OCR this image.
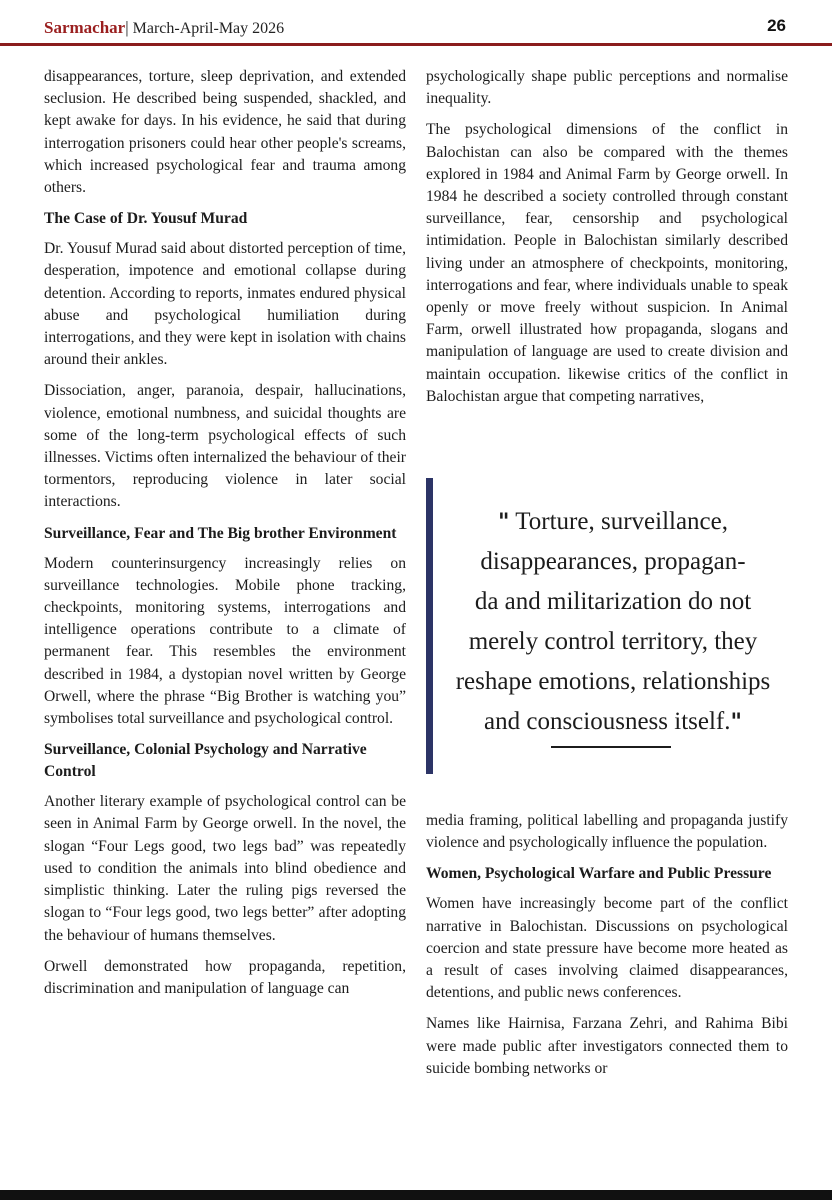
Sarmachar| March-April-May 2026	26

disappearances, torture, sleep deprivation, and extended seclusion. He described being suspended, shackled, and kept awake for days. In his evidence, he said that during interrogation prisoners could hear other people's screams, which increased psychological fear and trauma among others.

The Case of Dr. Yousuf Murad

Dr. Yousuf Murad said about distorted perception of time, desperation, impotence and emotional collapse during detention. According to reports, inmates endured physical abuse and psychological humiliation during interrogations, and they were kept in isolation with chains around their ankles.

Dissociation, anger, paranoia, despair, hallucinations, violence, emotional numbness, and suicidal thoughts are some of the long-term psychological effects of such illnesses. Victims often internalized the behaviour of their tormentors, reproducing violence in later social interactions.

Surveillance, Fear and The Big brother Environment

Modern counterinsurgency increasingly relies on surveillance technologies. Mobile phone tracking, checkpoints, monitoring systems, interrogations and intelligence operations contribute to a climate of permanent fear. This resembles the environment described in 1984, a dystopian novel written by George Orwell, where the phrase “Big Brother is watching you” symbolises total surveillance and psychological control.

Surveillance, Colonial Psychology and Narrative Control

Another literary example of psychological control can be seen in Animal Farm by George orwell. In the novel, the slogan “Four Legs good, two legs bad” was repeatedly used to condition the animals into blind obedience and simplistic thinking. Later the ruling pigs reversed the slogan to “Four legs good, two legs better” after adopting the behaviour of humans themselves.

Orwell demonstrated how propaganda, repetition, discrimination and manipulation of language can

psychologically shape public perceptions and normalise inequality.

The psychological dimensions of the conflict in Balochistan can also be compared with the themes explored in 1984 and Animal Farm by George orwell. In 1984 he described a society controlled through constant surveillance, fear, censorship and psychological intimidation. People in Balochistan similarly described living under an atmosphere of checkpoints, monitoring, interrogations and fear, where individuals unable to speak openly or move freely without suspicion. In Animal Farm, orwell illustrated how propaganda, slogans and manipulation of language are used to create division and maintain occupation. likewise critics of the conflict in Balochistan argue that competing narratives,

" Torture, surveillance,
disappearances, propagan-
da and militarization do not
merely control territory, they
reshape emotions, relationships
and consciousness itself."

media framing, political labelling and propaganda justify violence and psychologically influence the population.

Women, Psychological Warfare and Public Pressure

Women have increasingly become part of the conflict narrative in Balochistan. Discussions on psychological coercion and state pressure have become more heated as a result of cases involving claimed disappearances, detentions, and public news conferences.

Names like Hairnisa, Farzana Zehri, and Rahima Bibi were made public after investigators connected them to suicide bombing networks or
